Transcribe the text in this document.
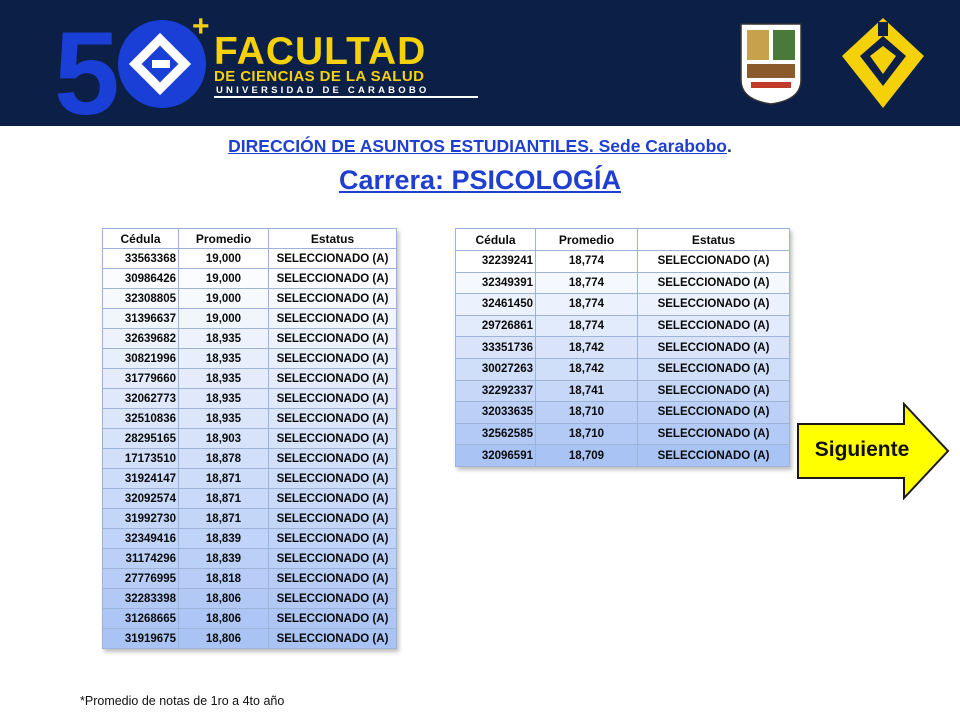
5	+
FACULTAD
DE CIENCIAS DE LA SALUD
UNIVERSIDAD DE CARABOBO
DIRECCIÓN DE ASUNTOS ESTUDIANTILES. Sede Carabobo.
Carrera: PSICOLOGÍA
Cédula	Promedio	Estatus
33563368	19,000	SELECCIONADO (A)
30986426	19,000	SELECCIONADO (A)
32308805	19,000	SELECCIONADO (A)
31396637	19,000	SELECCIONADO (A)
32639682	18,935	SELECCIONADO (A)
30821996	18,935	SELECCIONADO (A)
31779660	18,935	SELECCIONADO (A)
32062773	18,935	SELECCIONADO (A)
32510836	18,935	SELECCIONADO (A)
28295165	18,903	SELECCIONADO (A)
17173510	18,878	SELECCIONADO (A)
31924147	18,871	SELECCIONADO (A)
32092574	18,871	SELECCIONADO (A)
31992730	18,871	SELECCIONADO (A)
32349416	18,839	SELECCIONADO (A)
31174296	18,839	SELECCIONADO (A)
27776995	18,818	SELECCIONADO (A)
32283398	18,806	SELECCIONADO (A)
31268665	18,806	SELECCIONADO (A)
31919675	18,806	SELECCIONADO (A)
Cédula	Promedio	Estatus
32239241	18,774	SELECCIONADO (A)
32349391	18,774	SELECCIONADO (A)
32461450	18,774	SELECCIONADO (A)
29726861	18,774	SELECCIONADO (A)
33351736	18,742	SELECCIONADO (A)
30027263	18,742	SELECCIONADO (A)
32292337	18,741	SELECCIONADO (A)
32033635	18,710	SELECCIONADO (A)
32562585	18,710	SELECCIONADO (A)
32096591	18,709	SELECCIONADO (A)	Siguiente
*Promedio de notas de 1ro a 4to año
